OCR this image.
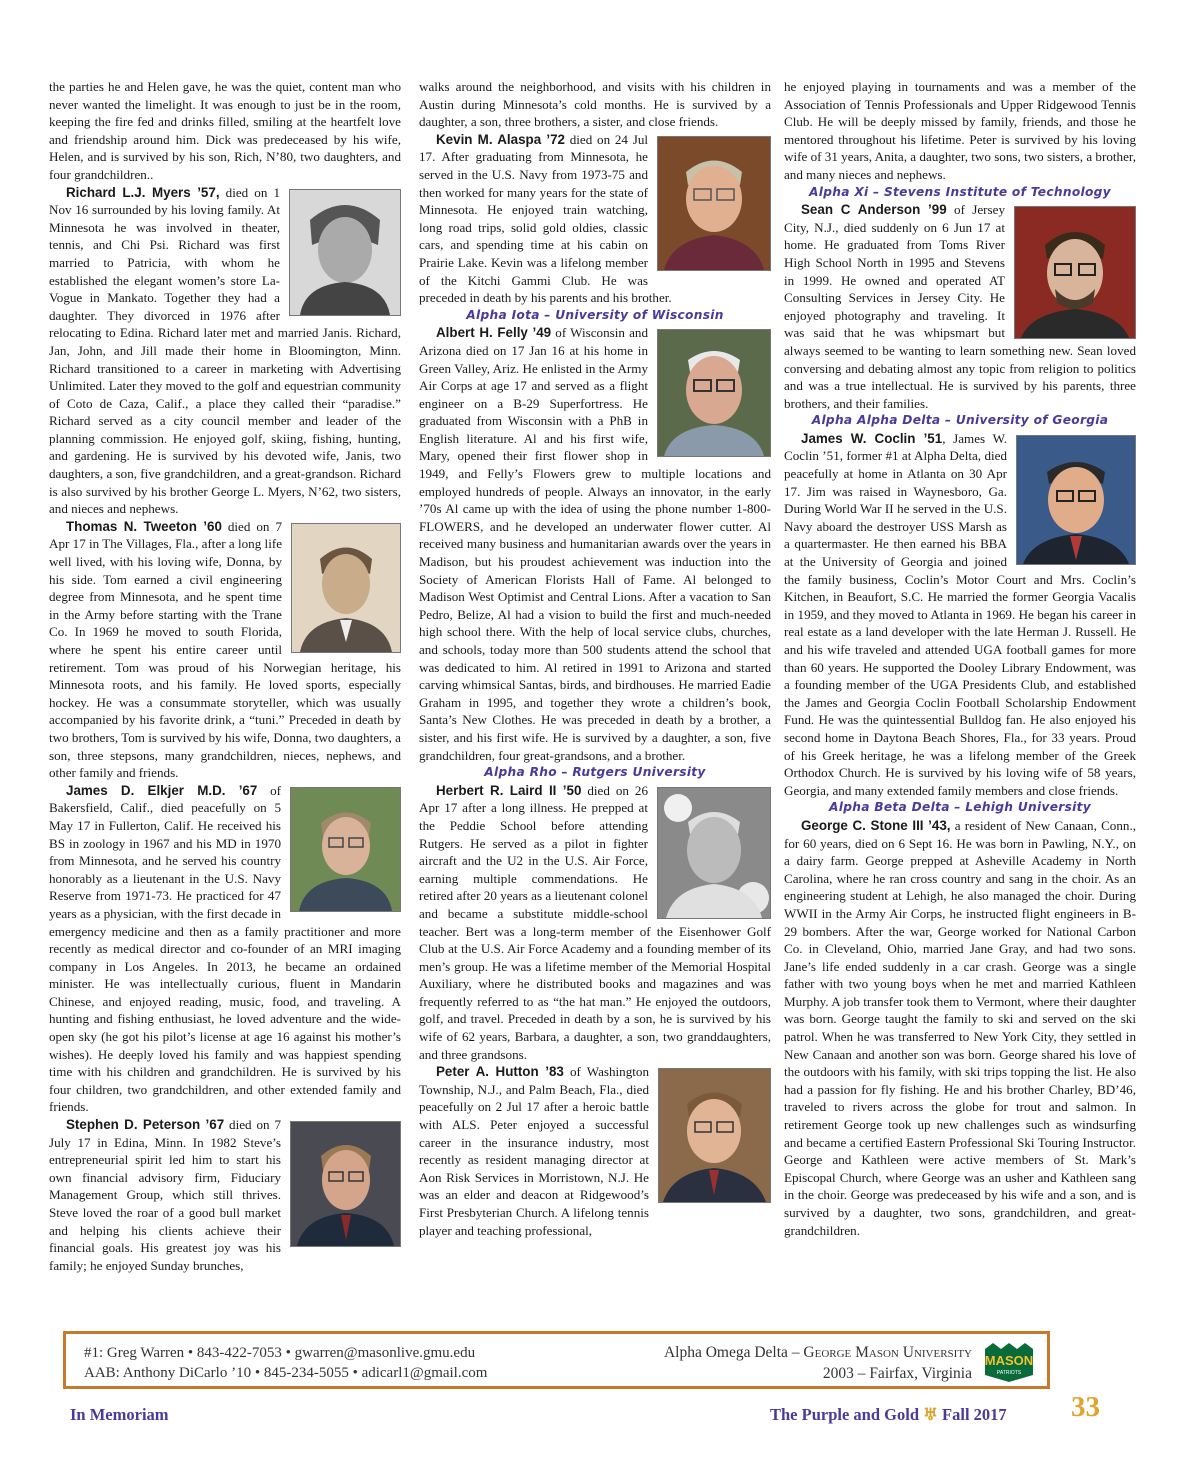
the parties he and Helen gave, he was the quiet, content man who never wanted the limelight. It was enough to just be in the room, keeping the fire fed and drinks filled, smiling at the heartfelt love and friendship around him. Dick was predeceased by his wife, Helen, and is survived by his son, Rich, N’80, two daughters, and four grandchildren..

Richard L.J. Myers ’57, died on 1 Nov 16 surrounded by his loving family. At Minnesota he was involved in theater, tennis, and Chi Psi. Richard was first married to Patricia, with whom he established the elegant women’s store La-Vogue in Mankato. Together they had a daughter. They divorced in 1976 after relocating to Edina. Richard later met and married Janis. Richard, Jan, John, and Jill made their home in Bloomington, Minn. Richard transitioned to a career in marketing with Advertising Unlimited. Later they moved to the golf and equestrian community of Coto de Caza, Calif., a place they called their “paradise.” Richard served as a city council member and leader of the planning commission. He enjoyed golf, skiing, fishing, hunting, and gardening. He is survived by his devoted wife, Janis, two daughters, a son, five grandchildren, and a great-grandson. Richard is also survived by his brother George L. Myers, N’62, two sisters, and nieces and nephews.

Thomas N. Tweeton ’60 died on 7 Apr 17 in The Villages, Fla., after a long life well lived, with his loving wife, Donna, by his side. Tom earned a civil engineering degree from Minnesota, and he spent time in the Army before starting with the Trane Co. In 1969 he moved to south Florida, where he spent his entire career until retirement. Tom was proud of his Norwegian heritage, his Minnesota roots, and his family. He loved sports, especially hockey. He was a consummate storyteller, which was usually accompanied by his favorite drink, a “tuni.” Preceded in death by two brothers, Tom is survived by his wife, Donna, two daughters, a son, three stepsons, many grandchildren, nieces, nephews, and other family and friends.

James D. Elkjer M.D. ’67 of Bakersfield, Calif., died peacefully on 5 May 17 in Fullerton, Calif. He received his BS in zoology in 1967 and his MD in 1970 from Minnesota, and he served his country honorably as a lieutenant in the U.S. Navy Reserve from 1971-73. He practiced for 47 years as a physician, with the first decade in emergency medicine and then as a family practitioner and more recently as medical director and co-founder of an MRI imaging company in Los Angeles. In 2013, he became an ordained minister. He was intellectually curious, fluent in Mandarin Chinese, and enjoyed reading, music, food, and traveling. A hunting and fishing enthusiast, he loved adventure and the wide-open sky (he got his pilot’s license at age 16 against his mother’s wishes). He deeply loved his family and was happiest spending time with his children and grandchildren. He is survived by his four children, two grandchildren, and other extended family and friends.

Stephen D. Peterson ’67 died on 7 July 17 in Edina, Minn. In 1982 Steve’s entrepreneurial spirit led him to start his own financial advisory firm, Fiduciary Management Group, which still thrives. Steve loved the roar of a good bull market and helping his clients achieve their financial goals. His greatest joy was his family; he enjoyed Sunday brunches,

walks around the neighborhood, and visits with his children in Austin during Minnesota’s cold months. He is survived by a daughter, a son, three brothers, a sister, and close friends.

Kevin M. Alaspa ’72 died on 24 Jul 17. After graduating from Minnesota, he served in the U.S. Navy from 1973-75 and then worked for many years for the state of Minnesota. He enjoyed train watching, long road trips, solid gold oldies, classic cars, and spending time at his cabin on Prairie Lake. Kevin was a lifelong member of the Kitchi Gammi Club. He was preceded in death by his parents and his brother.

Alpha Iota – University of Wisconsin

Albert H. Felly ’49 of Wisconsin and Arizona died on 17 Jan 16 at his home in Green Valley, Ariz. He enlisted in the Army Air Corps at age 17 and served as a flight engineer on a B-29 Superfortress. He graduated from Wisconsin with a PhB in English literature. Al and his first wife, Mary, opened their first flower shop in 1949, and Felly’s Flowers grew to multiple locations and employed hundreds of people. Always an innovator, in the early ’70s Al came up with the idea of using the phone number 1-800-FLOWERS, and he developed an underwater flower cutter. Al received many business and humanitarian awards over the years in Madison, but his proudest achievement was induction into the Society of American Florists Hall of Fame. Al belonged to Madison West Optimist and Central Lions. After a vacation to San Pedro, Belize, Al had a vision to build the first and much-needed high school there. With the help of local service clubs, churches, and schools, today more than 500 students attend the school that was dedicated to him. Al retired in 1991 to Arizona and started carving whimsical Santas, birds, and birdhouses. He married Eadie Graham in 1995, and together they wrote a children’s book, Santa’s New Clothes. He was preceded in death by a brother, a sister, and his first wife. He is survived by a daughter, a son, five grandchildren, four great-grandsons, and a brother.

Alpha Rho – Rutgers University

Herbert R. Laird II ’50 died on 26 Apr 17 after a long illness. He prepped at the Peddie School before attending Rutgers. He served as a pilot in fighter aircraft and the U2 in the U.S. Air Force, earning multiple commendations. He retired after 20 years as a lieutenant colonel and became a substitute middle-school teacher. Bert was a long-term member of the Eisenhower Golf Club at the U.S. Air Force Academy and a founding member of its men’s group. He was a lifetime member of the Memorial Hospital Auxiliary, where he distributed books and magazines and was frequently referred to as “the hat man.” He enjoyed the outdoors, golf, and travel. Preceded in death by a son, he is survived by his wife of 62 years, Barbara, a daughter, a son, two granddaughters, and three grandsons.

Peter A. Hutton ’83 of Washington Township, N.J., and Palm Beach, Fla., died peacefully on 2 Jul 17 after a heroic battle with ALS. Peter enjoyed a successful career in the insurance industry, most recently as resident managing director at Aon Risk Services in Morristown, N.J. He was an elder and deacon at Ridgewood’s First Presbyterian Church. A lifelong tennis player and teaching professional,

he enjoyed playing in tournaments and was a member of the Association of Tennis Professionals and Upper Ridgewood Tennis Club. He will be deeply missed by family, friends, and those he mentored throughout his lifetime. Peter is survived by his loving wife of 31 years, Anita, a daughter, two sons, two sisters, a brother, and many nieces and nephews.

Alpha Xi – Stevens Institute of Technology

Sean C Anderson ’99 of Jersey City, N.J., died suddenly on 6 Jun 17 at home. He graduated from Toms River High School North in 1995 and Stevens in 1999. He owned and operated AT Consulting Services in Jersey City. He enjoyed photography and traveling. It was said that he was whipsmart but always seemed to be wanting to learn something new. Sean loved conversing and debating almost any topic from religion to politics and was a true intellectual. He is survived by his parents, three brothers, and their families.

Alpha Alpha Delta – University of Georgia

James W. Coclin ’51, James W. Coclin ’51, former #1 at Alpha Delta, died peacefully at home in Atlanta on 30 Apr 17. Jim was raised in Waynesboro, Ga. During World War II he served in the U.S. Navy aboard the destroyer USS Marsh as a quartermaster. He then earned his BBA at the University of Georgia and joined the family business, Coclin’s Motor Court and Mrs. Coclin’s Kitchen, in Beaufort, S.C. He married the former Georgia Vacalis in 1959, and they moved to Atlanta in 1969. He began his career in real estate as a land developer with the late Herman J. Russell. He and his wife traveled and attended UGA football games for more than 60 years. He supported the Dooley Library Endowment, was a founding member of the UGA Presidents Club, and established the James and Georgia Coclin Football Scholarship Endowment Fund. He was the quintessential Bulldog fan. He also enjoyed his second home in Daytona Beach Shores, Fla., for 33 years. Proud of his Greek heritage, he was a lifelong member of the Greek Orthodox Church. He is survived by his loving wife of 58 years, Georgia, and many extended family members and close friends.

Alpha Beta Delta – Lehigh University

George C. Stone III ’43, a resident of New Canaan, Conn., for 60 years, died on 6 Sept 16. He was born in Pawling, N.Y., on a dairy farm. George prepped at Asheville Academy in North Carolina, where he ran cross country and sang in the choir. As an engineering student at Lehigh, he also managed the choir. During WWII in the Army Air Corps, he instructed flight engineers in B-29 bombers. After the war, George worked for National Carbon Co. in Cleveland, Ohio, married Jane Gray, and had two sons. Jane’s life ended suddenly in a car crash. George was a single father with two young boys when he met and married Kathleen Murphy. A job transfer took them to Vermont, where their daughter was born. George taught the family to ski and served on the ski patrol. When he was transferred to New York City, they settled in New Canaan and another son was born. George shared his love of the outdoors with his family, with ski trips topping the list. He also had a passion for fly fishing. He and his brother Charley, BD’46, traveled to rivers across the globe for trout and salmon. In retirement George took up new challenges such as windsurfing and became a certified Eastern Professional Ski Touring Instructor. George and Kathleen were active members of St. Mark’s Episcopal Church, where George was an usher and Kathleen sang in the choir. George was predeceased by his wife and a son, and is survived by a daughter, two sons, grandchildren, and great-grandchildren.

#1: Greg Warren • 843-422-7053 • gwarren@masonlive.gmu.edu
AAB: Anthony DiCarlo ’10 • 845-234-5055 • adicarl1@gmail.com
Alpha Omega Delta – George Mason University
2003 – Fairfax, Virginia
MASON
PATRIOTS
In Memoriam	The Purple and Gold ♅ Fall 2017 33
